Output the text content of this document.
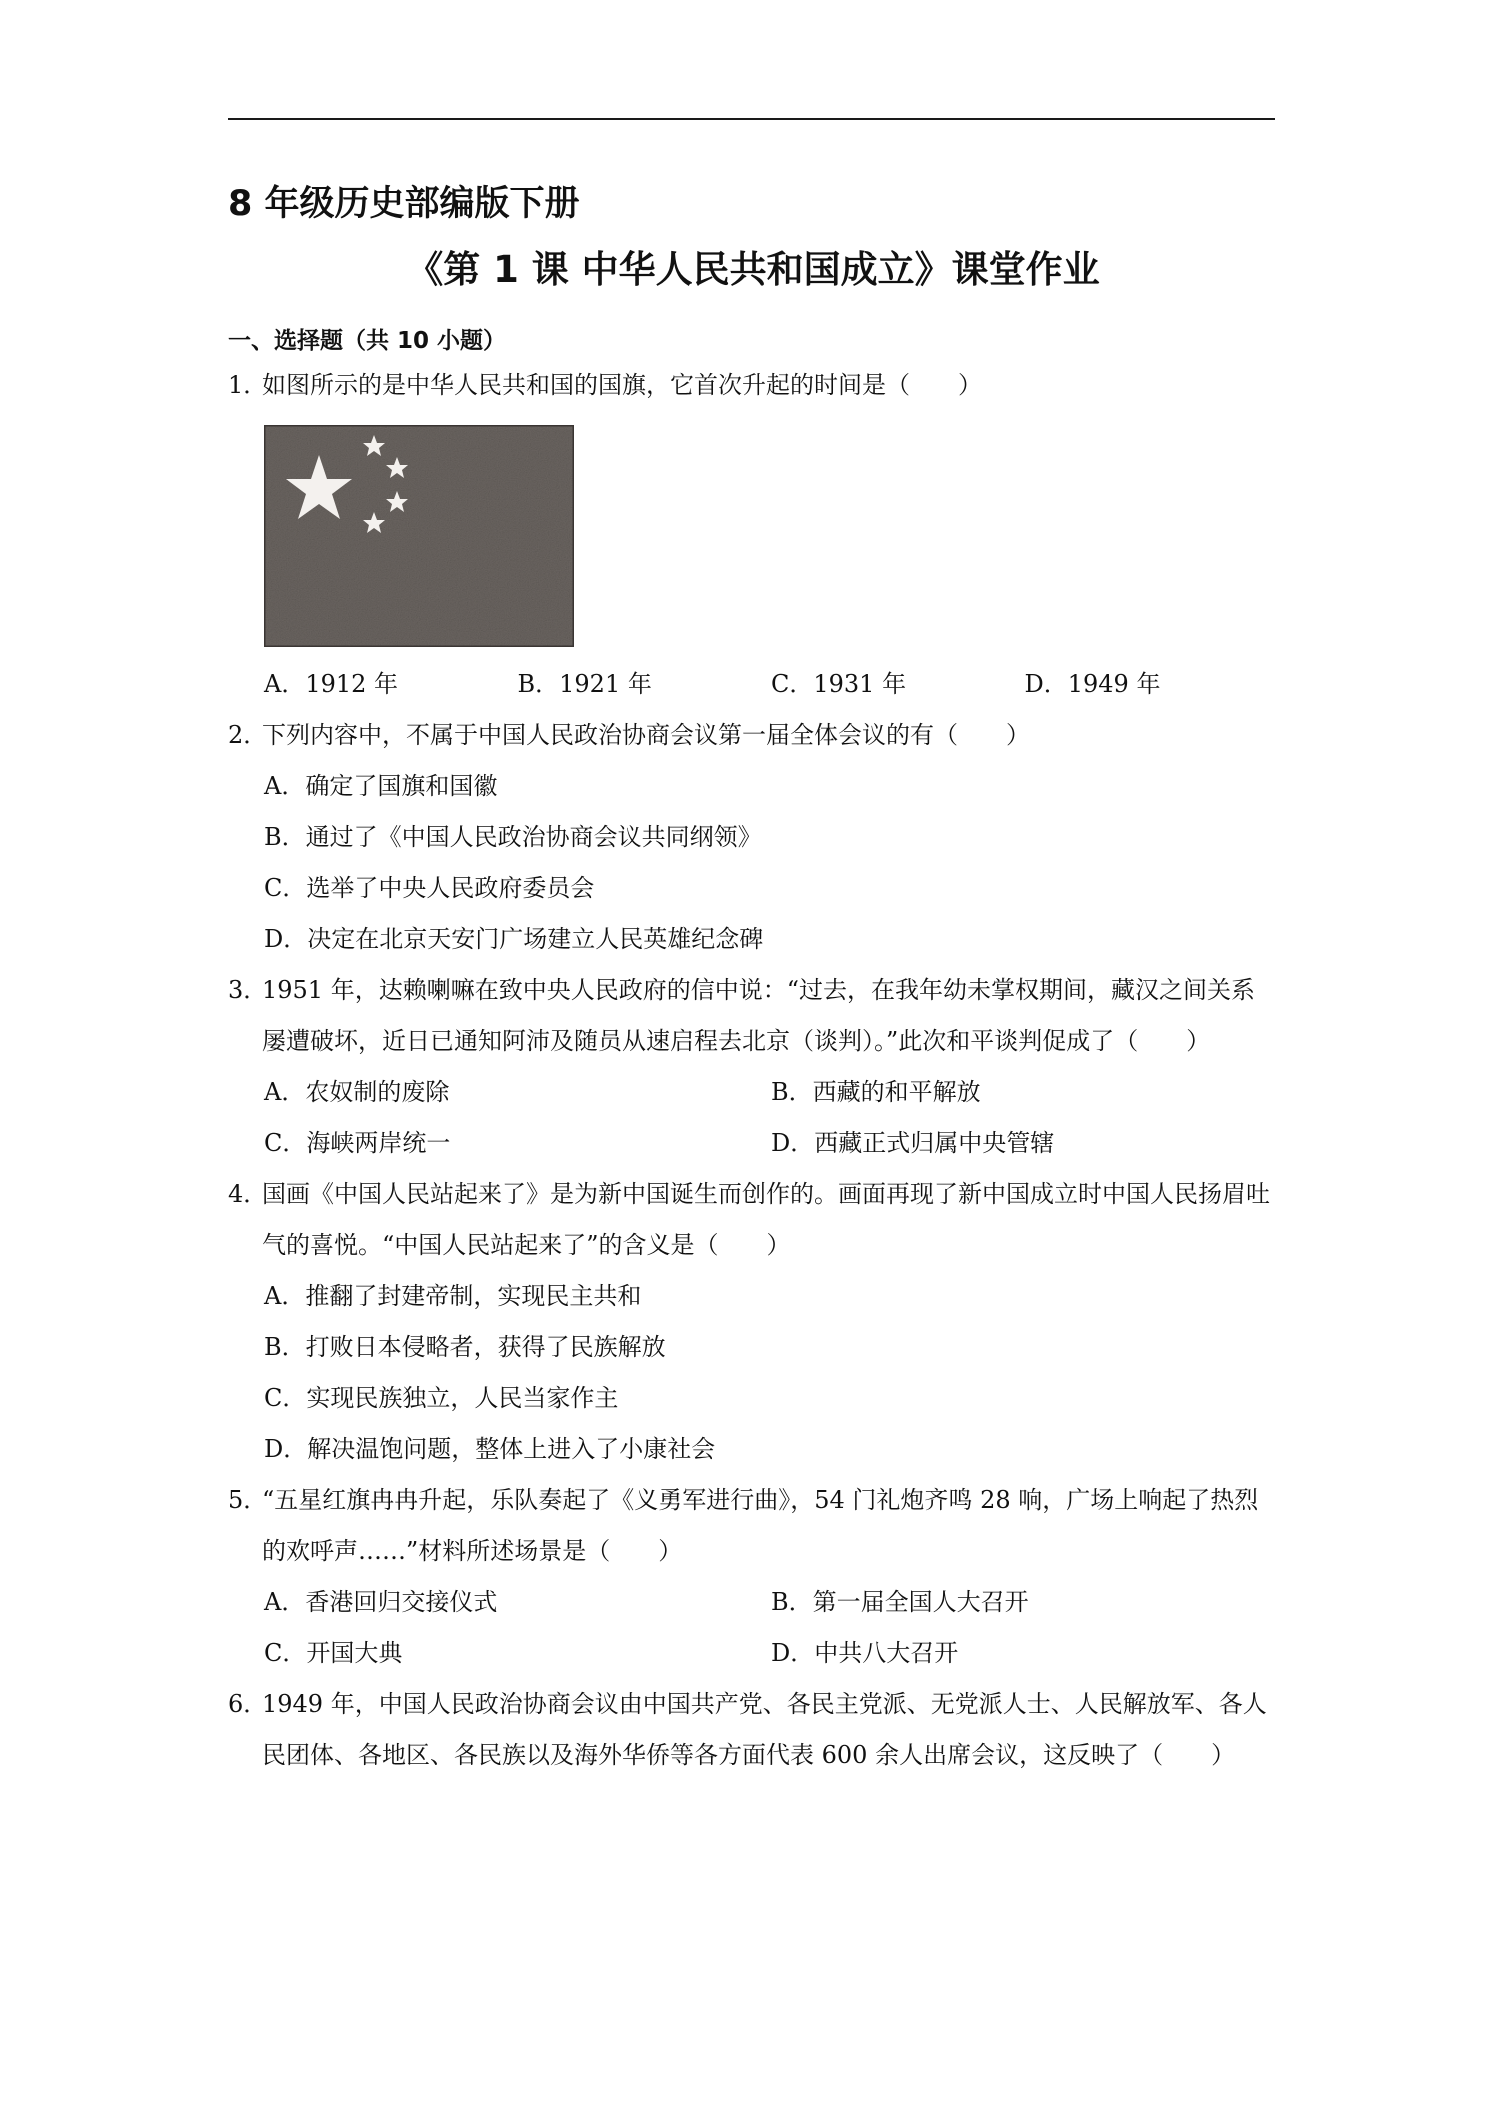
8 年级历史部编版下册
《第 1 课 中华人民共和国成立》课堂作业
一、选择题（共 10 小题）
1．如图所示的是中华人民共和国的国旗，它首次升起的时间是（　　）
A．1912 年	B．1921 年	C．1931 年	D．1949 年
2．下列内容中，不属于中国人民政治协商会议第一届全体会议的有（　　）
A．确定了国旗和国徽
B．通过了《中国人民政治协商会议共同纲领》
C．选举了中央人民政府委员会
D．决定在北京天安门广场建立人民英雄纪念碑
3．1951 年，达赖喇嘛在致中央人民政府的信中说：“过去，在我年幼未掌权期间，藏汉之间关系屡遭破坏，近日已通知阿沛及随员从速启程去北京（谈判）。”此次和平谈判促成了（　　）
A．农奴制的废除	B．西藏的和平解放
C．海峡两岸统一	D．西藏正式归属中央管辖
4．国画《中国人民站起来了》是为新中国诞生而创作的。画面再现了新中国成立时中国人民扬眉吐气的喜悦。“中国人民站起来了”的含义是（　　）
A．推翻了封建帝制，实现民主共和
B．打败日本侵略者，获得了民族解放
C．实现民族独立，人民当家作主
D．解决温饱问题，整体上进入了小康社会
5．“五星红旗冉冉升起，乐队奏起了《义勇军进行曲》，54 门礼炮齐鸣 28 响，广场上响起了热烈的欢呼声……”材料所述场景是（　　）
A．香港回归交接仪式	B．第一届全国人大召开
C．开国大典	D．中共八大召开
6．1949 年，中国人民政治协商会议由中国共产党、各民主党派、无党派人士、人民解放军、各人民团体、各地区、各民族以及海外华侨等各方面代表 600 余人出席会议，这反映了（　　）
